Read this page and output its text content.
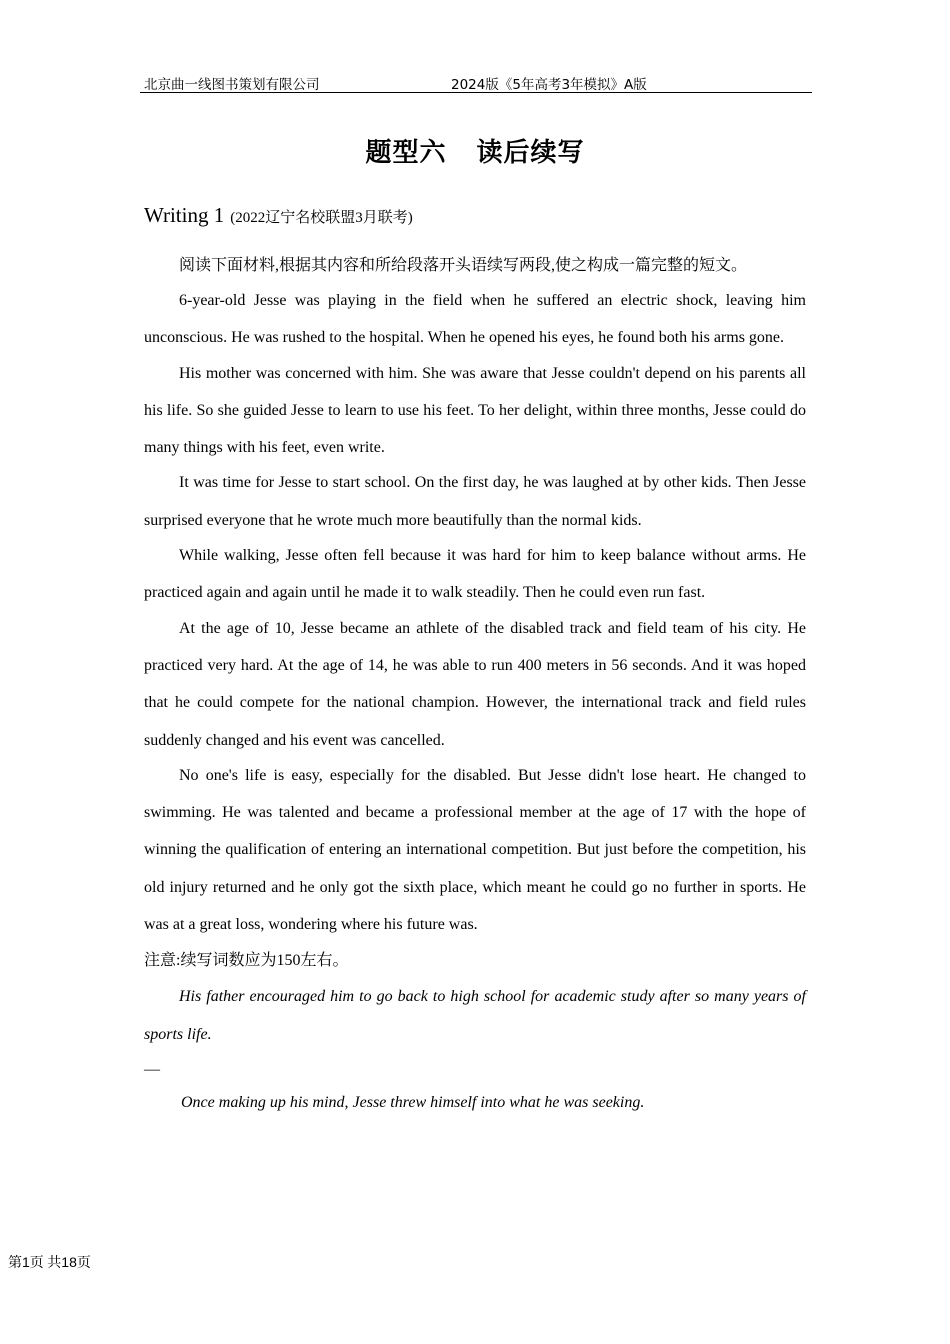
北京曲一线图书策划有限公司	2024版《5年高考3年模拟》A版
题型六 读后续写
Writing 1 (2022辽宁名校联盟3月联考)

阅读下面材料,根据其内容和所给段落开头语续写两段,使之构成一篇完整的短文。

6-year-old Jesse was playing in the field when he suffered an electric shock, leaving him unconscious. He was rushed to the hospital. When he opened his eyes, he found both his arms gone.

His mother was concerned with him. She was aware that Jesse couldn't depend on his parents all his life. So she guided Jesse to learn to use his feet. To her delight, within three months, Jesse could do many things with his feet, even write.

It was time for Jesse to start school. On the first day, he was laughed at by other kids. Then Jesse surprised everyone that he wrote much more beautifully than the normal kids.

While walking, Jesse often fell because it was hard for him to keep balance without arms. He practiced again and again until he made it to walk steadily. Then he could even run fast.

At the age of 10, Jesse became an athlete of the disabled track and field team of his city. He practiced very hard. At the age of 14, he was able to run 400 meters in 56 seconds. And it was hoped that he could compete for the national champion. However, the international track and field rules suddenly changed and his event was cancelled.

No one's life is easy, especially for the disabled. But Jesse didn't lose heart. He changed to swimming. He was talented and became a professional member at the age of 17 with the hope of winning the qualification of entering an international competition. But just before the competition, his old injury returned and he only got the sixth place, which meant he could go no further in sports. He was at a great loss, wondering where his future was.

注意:续写词数应为150左右。

His father encouraged him to go back to high school for academic study after so many years of sports life.

—

Once making up his mind, Jesse threw himself into what he was seeking.

第1页 共18页
